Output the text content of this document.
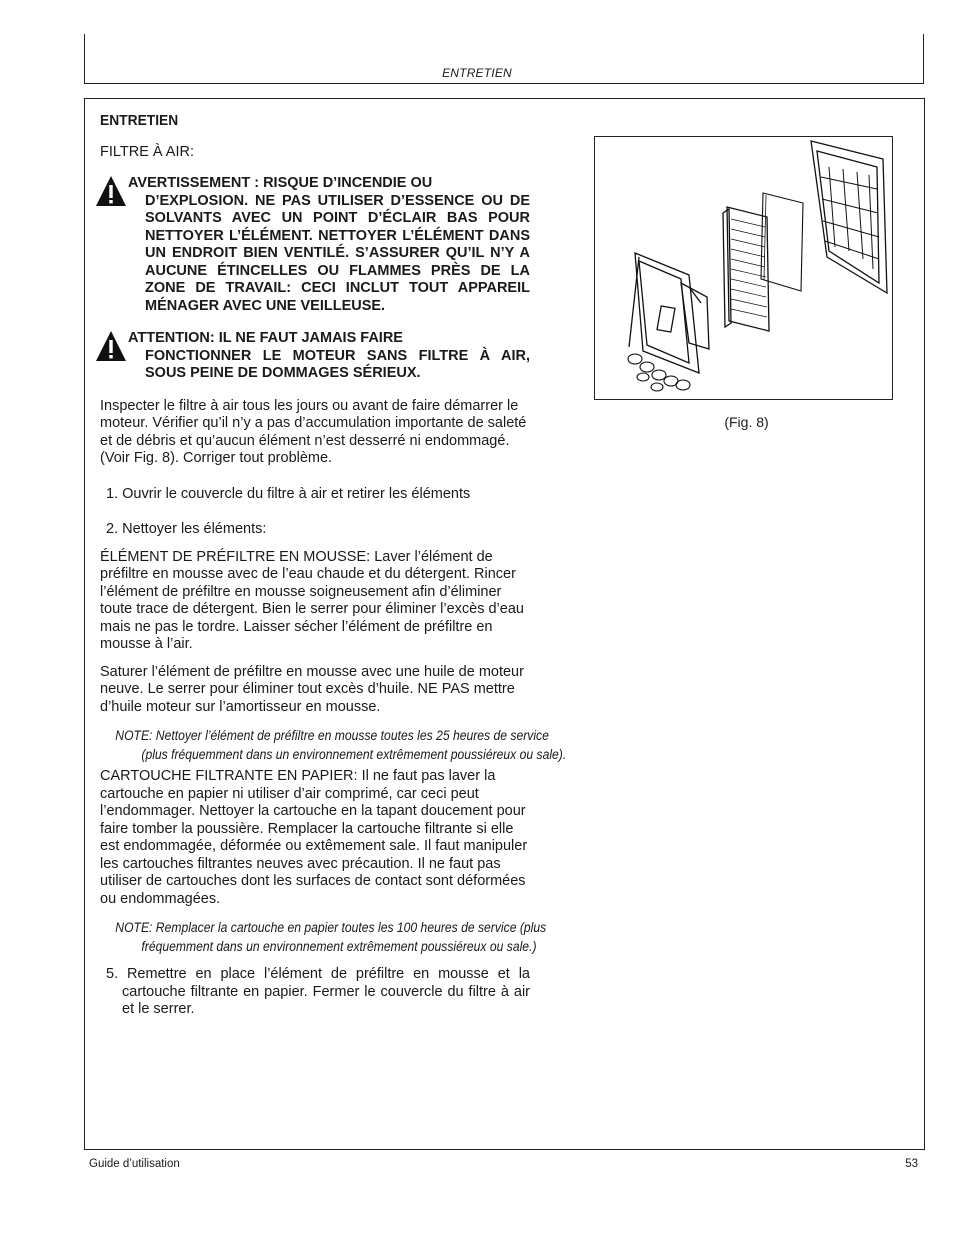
ENTRETIEN
ENTRETIEN
FILTRE À AIR:
AVERTISSEMENT : RISQUE D’INCENDIE OU
D’EXPLOSION. NE PAS UTILISER D’ESSENCE OU DE SOLVANTS AVEC UN POINT D’ÉCLAIR BAS POUR NETTOYER L’ÉLÉMENT. NETTOYER L’ÉLÉMENT DANS UN ENDROIT BIEN VENTILÉ. S’ASSURER QU’IL N’Y A AUCUNE ÉTINCELLES OU FLAMMES PRÈS DE LA ZONE DE TRAVAIL: CECI INCLUT TOUT APPAREIL MÉNAGER AVEC UNE VEILLEUSE.
ATTENTION: IL NE FAUT JAMAIS FAIRE
FONCTIONNER LE MOTEUR SANS FILTRE À AIR, SOUS PEINE DE DOMMAGES SÉRIEUX.

Inspecter le filtre à air tous les jours ou avant de faire démarrer le moteur. Vérifier qu’il n’y a pas d’accumulation importante de saleté et de débris et qu’aucun élément n’est desserré ni endommagé. (Voir Fig. 8). Corriger tout problème.

1. Ouvrir le couvercle du filtre à air et retirer les éléments
2. Nettoyer les éléments:

ÉLÉMENT DE PRÉFILTRE EN MOUSSE: Laver l’élément de préfiltre en mousse avec de l’eau chaude et du détergent. Rincer l’élément de préfiltre en mousse soigneusement afin d’éliminer toute trace de détergent. Bien le serrer pour éliminer l’excès d’eau mais ne pas le tordre. Laisser sécher l’élément de préfiltre en mousse à l’air.

Saturer l’élément de préfiltre en mousse avec une huile de moteur neuve. Le serrer pour éliminer tout excès d’huile. NE PAS mettre d’huile moteur sur l’amortisseur en mousse.

NOTE: Nettoyer l’élément de préfiltre en mousse toutes les 25 heures de service (plus fréquemment dans un environnement extrêmement poussiéreux ou sale).

CARTOUCHE FILTRANTE EN PAPIER: Il ne faut pas laver la cartouche en papier ni utiliser d’air comprimé, car ceci peut l’endommager. Nettoyer la cartouche en la tapant doucement pour faire tomber la poussière. Remplacer la cartouche filtrante si elle est endommagée, déformée ou extêmement sale. Il faut manipuler les cartouches filtrantes neuves avec précaution. Il ne faut pas utiliser de cartouches dont les surfaces de contact sont déformées ou endommagées.

NOTE: Remplacer la cartouche en papier toutes les 100 heures de service (plus fréquemment dans un environnement extrêmement poussiéreux ou sale.)
5. Remettre en place l’élément de préfiltre en mousse et la cartouche filtrante en papier. Fermer le couvercle du filtre à air et le serrer.
(Fig. 8)
Guide d’utilisation	53
